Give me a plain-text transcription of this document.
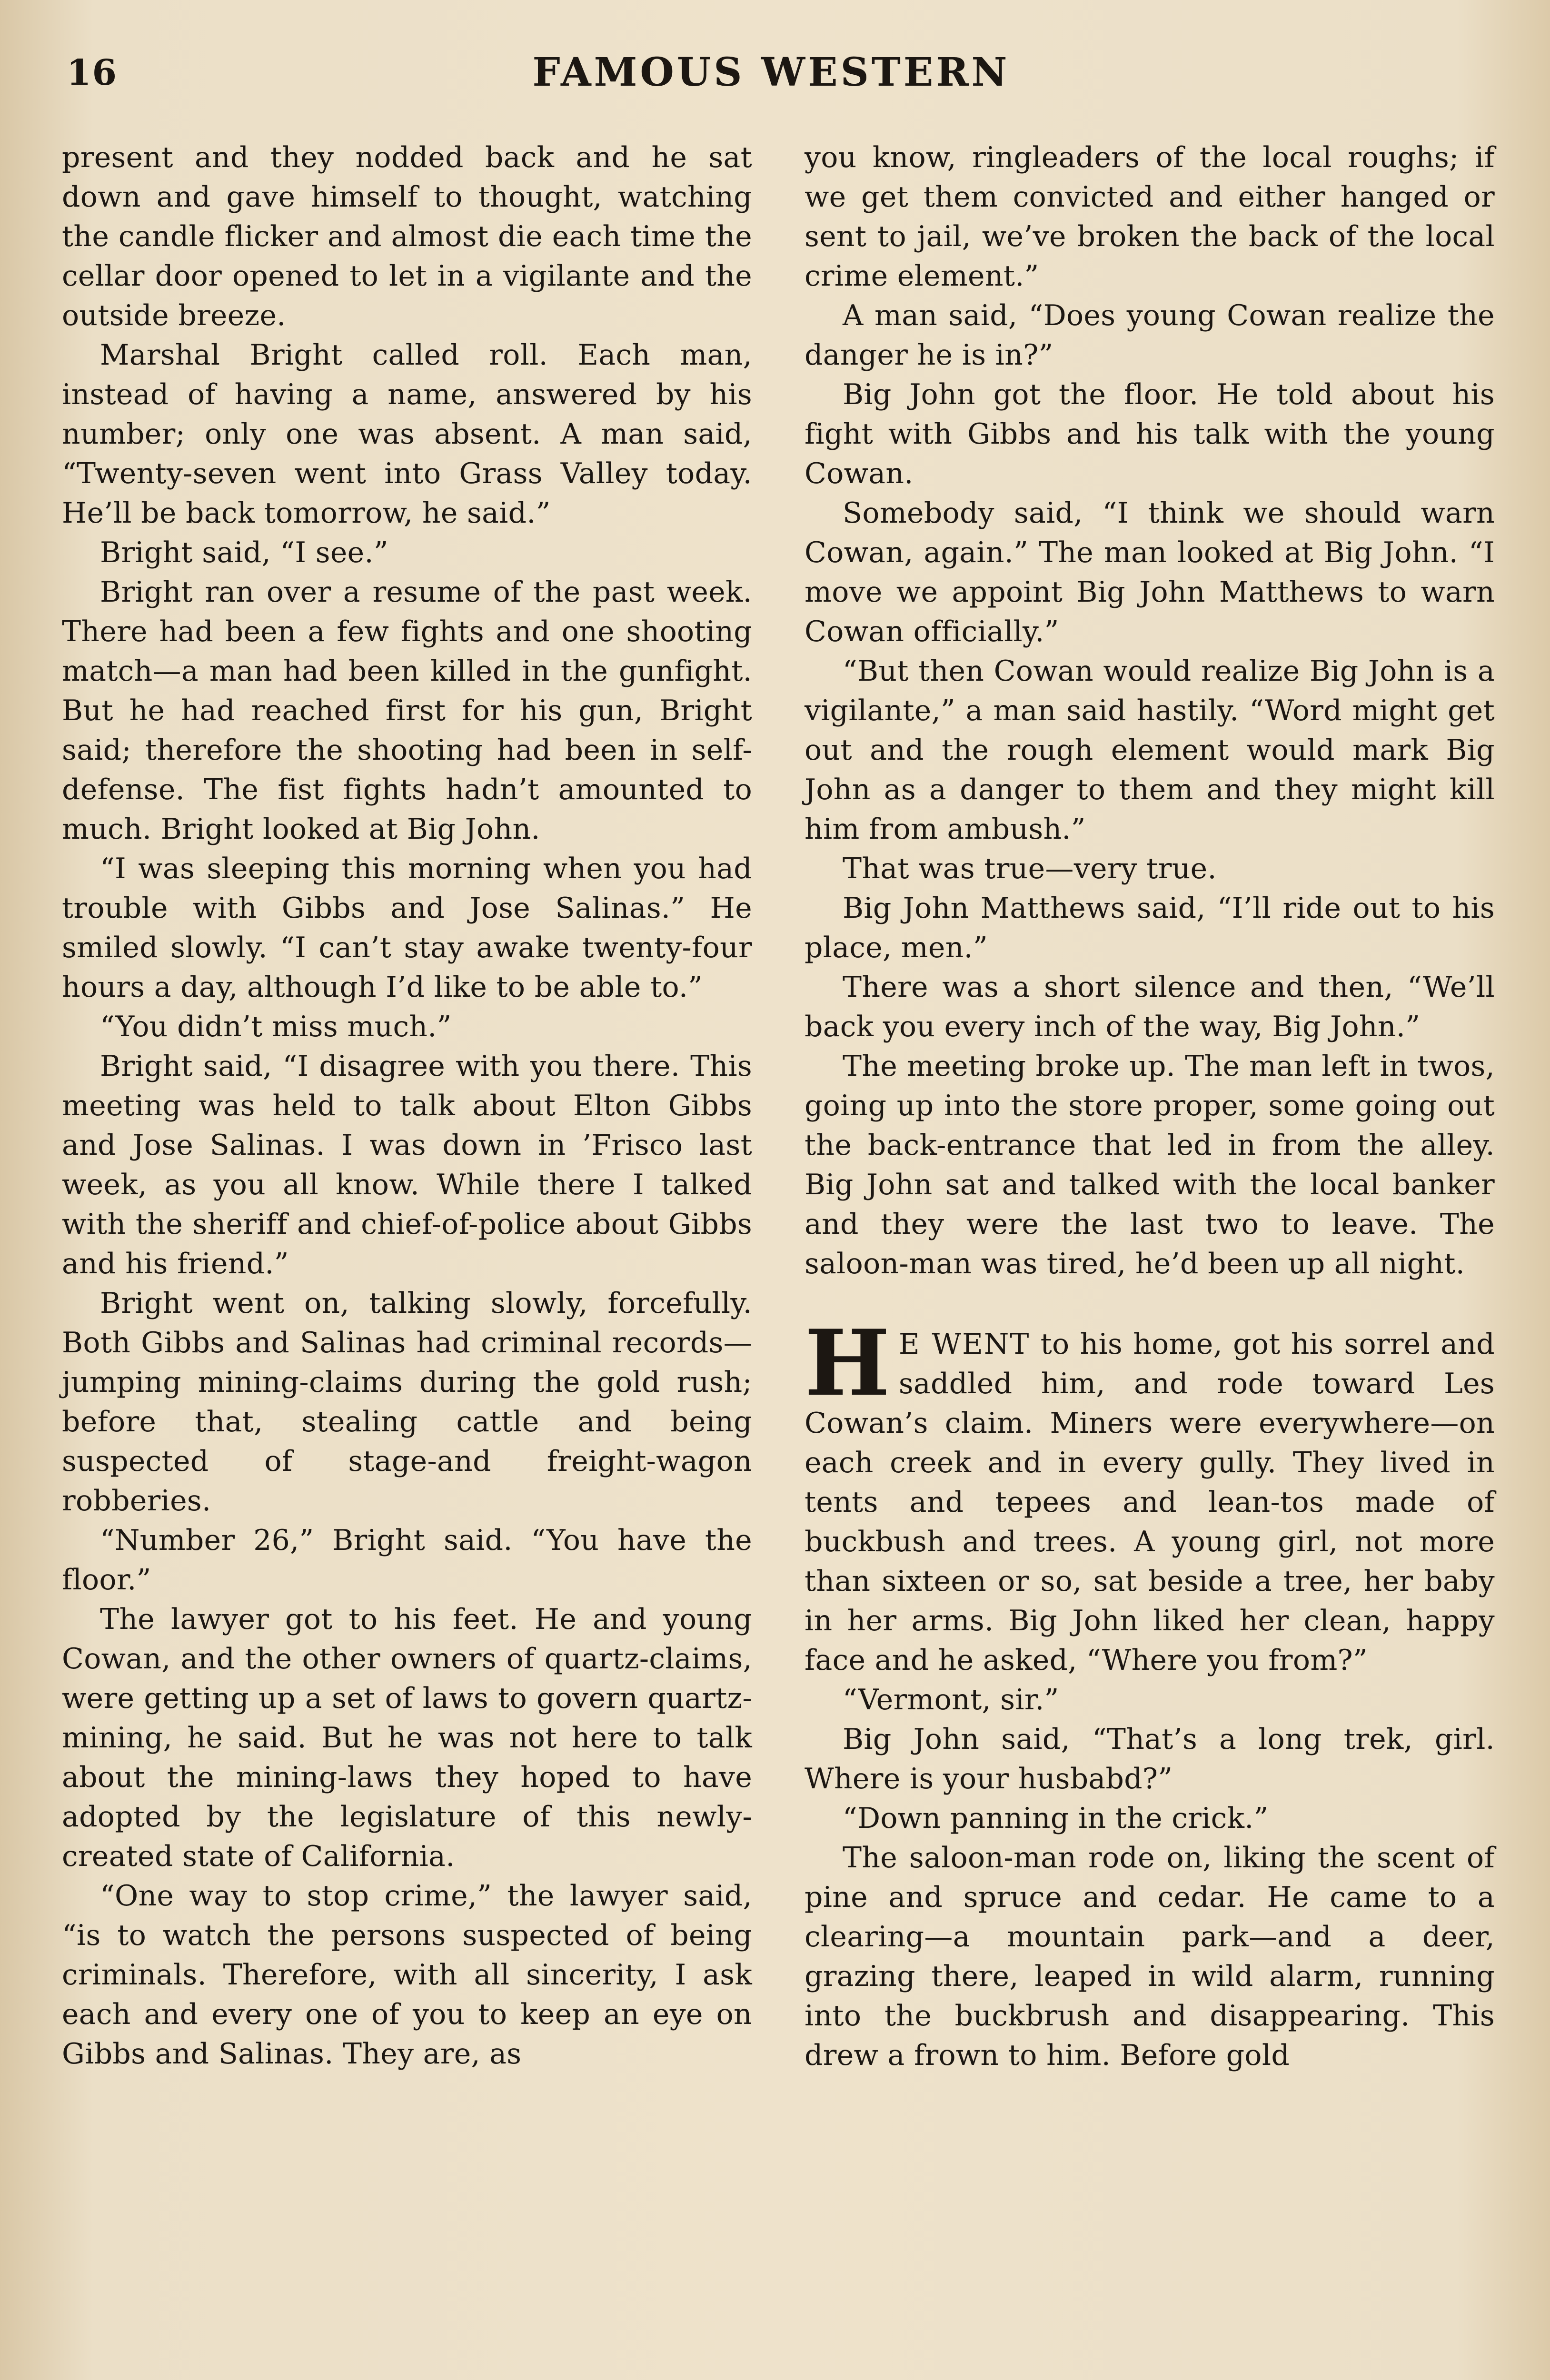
16	FAMOUS WESTERN

present and they nodded back and he sat down and gave himself to thought, watching the candle flicker and almost die each time the cellar door opened to let in a vigilante and the outside breeze.

Marshal Bright called roll. Each man, instead of having a name, answered by his number; only one was absent. A man said, “Twenty-seven went into Grass Valley today. He’ll be back tomorrow, he said.”

Bright said, “I see.”

Bright ran over a resume of the past week. There had been a few fights and one shooting match—a man had been killed in the gunfight. But he had reached first for his gun, Bright said; therefore the shooting had been in self-defense. The fist fights hadn’t amounted to much. Bright looked at Big John.

“I was sleeping this morning when you had trouble with Gibbs and Jose Salinas.” He smiled slowly. “I can’t stay awake twenty-four hours a day, although I’d like to be able to.”

“You didn’t miss much.”

Bright said, “I disagree with you there. This meeting was held to talk about Elton Gibbs and Jose Salinas. I was down in ’Frisco last week, as you all know. While there I talked with the sheriff and chief-of-police about Gibbs and his friend.”

Bright went on, talking slowly, forcefully. Both Gibbs and Salinas had criminal records—jumping mining-claims during the gold rush; before that, stealing cattle and being suspected of stage-and freight-wagon robberies.

“Number 26,” Bright said. “You have the floor.”

The lawyer got to his feet. He and young Cowan, and the other owners of quartz-claims, were getting up a set of laws to govern quartz-mining, he said. But he was not here to talk about the mining-laws they hoped to have adopted by the legislature of this newly-created state of California.

“One way to stop crime,” the lawyer said, “is to watch the persons suspected of being criminals. Therefore, with all sincerity, I ask each and every one of you to keep an eye on Gibbs and Salinas. They are, as

you know, ringleaders of the local roughs; if we get them convicted and either hanged or sent to jail, we’ve broken the back of the local crime element.”

A man said, “Does young Cowan realize the danger he is in?”

Big John got the floor. He told about his fight with Gibbs and his talk with the young Cowan.

Somebody said, “I think we should warn Cowan, again.” The man looked at Big John. “I move we appoint Big John Matthews to warn Cowan officially.”

“But then Cowan would realize Big John is a vigilante,” a man said hastily. “Word might get out and the rough element would mark Big John as a danger to them and they might kill him from ambush.”

That was true—very true.

Big John Matthews said, “I’ll ride out to his place, men.”

There was a short silence and then, “We’ll back you every inch of the way, Big John.”

The meeting broke up. The man left in twos, going up into the store proper, some going out the back-entrance that led in from the alley. Big John sat and talked with the local banker and they were the last two to leave. The saloon-man was tired, he’d been up all night.

H E WENT to his home, got his sorrel and saddled him, and rode toward Les Cowan’s claim. Miners were everywhere—on each creek and in every gully. They lived in tents and tepees and lean-tos made of buckbush and trees. A young girl, not more than sixteen or so, sat beside a tree, her baby in her arms. Big John liked her clean, happy face and he asked, “Where you from?”

“Vermont, sir.”

Big John said, “That’s a long trek, girl. Where is your husbabd?”

“Down panning in the crick.”

The saloon-man rode on, liking the scent of pine and spruce and cedar. He came to a clearing—a mountain park—and a deer, grazing there, leaped in wild alarm, running into the buckbrush and disappearing. This drew a frown to him. Before gold
